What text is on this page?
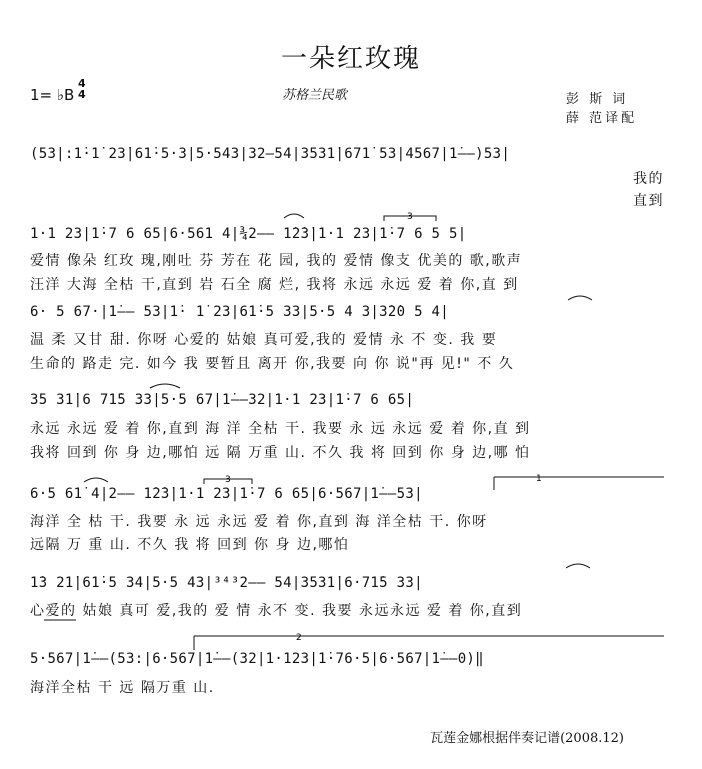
一朵红玫瑰
1= ♭B
4
4	苏格兰民歌	彭 斯 词
薛 范译配
(53|:1̇·1̇ 23̇|61̇·5·3|5·543|32–54|3531̇|671̇ 53|4567|1̇––)53|
我的
直到
1·1 23|1̇·7 6 65|6·561 4|¾2–– 1̇2̇3̇|1·1 23|1̇·7 6 5 5|
爱情 像朵 红玫 瑰,刚吐 芬 芳在 花 园, 我的 爱情 像支 优美的 歌,歌声
汪洋 大海 全枯 干,直到 岩 石全 腐 烂, 我将 永远 永远 爱 着 你,直 到
6· 5 67·|1̇–– 53|1̇· 1̇ 23|61̇·5 33|5·5 4 3|3̇2̇0 5 4|
温 柔 又甘 甜. 你呀 心爱的 姑娘 真可爱,我的 爱情 永 不 变. 我 要
生命的 路走 完. 如今 我 要暂且 离开 你,我要 向 你 说"再 见!" 不 久
35 31̇|6 71̇5 33|5·5 67|1̇––32|1·1 23|1̇·7 6 65|
永远 永远 爱 着 你,直到 海 洋 全枯 干. 我要 永 远 永远 爱 着 你,直 到
我将 回到 你 身 边,哪怕 远 隔 万重 山. 不久 我 将 回到 你 身 边,哪 怕
6·5 61̇ 4|2–– 1̇2̇3̇|1·1 23|1̇·7 6 65|6·567|1̇––53|
海洋 全 枯 干. 我要 永 远 永远 爱 着 你,直到 海 洋全枯 干. 你呀
远隔 万 重 山. 不久 我 将 回到 你 身 边,哪怕
1̇3 21̇|61̇·5 34|5·5 43|³⁴³2–– 54|3531̇|6·71̇5 33|
心爱的 姑娘 真可 爱,我的 爱 情 永不 变. 我要 永远永远 爱 着 你,直到
5·567|1̇––(53:|6·567|1̇––(32|1·123|1̇·76·5|6·567|1̇––0)‖
海洋全枯 干 远 隔万重 山.
1
2
3
3
瓦莲金娜根据伴奏记谱(2008.12)
